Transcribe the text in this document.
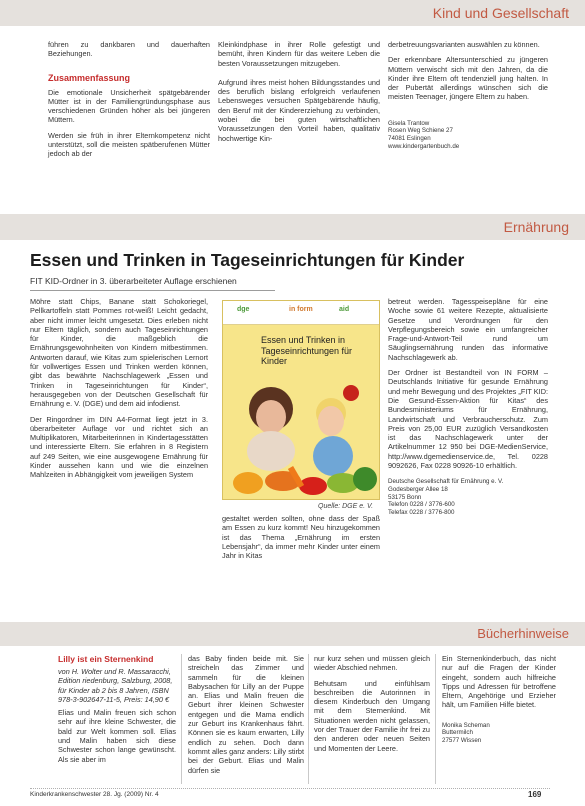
Kind und Gesellschaft

führen zu dankbaren und dauerhaften Beziehungen.

Zusammenfassung

Die emotionale Unsicherheit spätgebärender Mütter ist in der Familiengründungsphase aus verschiedenen Gründen höher als bei jüngeren Müttern.

Werden sie früh in ihrer Elternkompetenz nicht unterstützt, soll die meisten spätberufenen Mütter jedoch ab der

Kleinkindphase in ihrer Rolle gefestigt und bemüht, ihren Kindern für das weitere Leben die besten Voraussetzungen mitzugeben.

Aufgrund ihres meist hohen Bildungsstandes und des beruflich bislang erfolgreich verlaufenen Lebensweges versuchen Spätgebärende häufig, den Beruf mit der Kindererziehung zu verbinden, wobei die bei guten wirtschaftlichen Voraussetzungen den Vorteil haben, qualitativ hochwertige Kin-

derbetreuungsvarianten auswählen zu können.

Der erkennbare Altersunterschied zu jüngeren Müttern verwischt sich mit den Jahren, da die Kinder ihre Eltern oft tendenziell jung halten. In der Pubertät allerdings wünschen sich die meisten Teenager, jüngere Eltern zu haben.

Gisela Trantow
Rosen Weg Schiene 27
74081 Eslingen
www.kindergartenbuch.de
Ernährung
Essen und Trinken in Tageseinrichtungen für Kinder
FIT KID-Ordner in 3. überarbeiteter Auflage erschienen

Möhre statt Chips, Banane statt Schokoriegel, Pellkartoffeln statt Pommes rot-weiß! Leicht gedacht, aber nicht immer leicht umgesetzt. Dies erleben nicht nur Eltern täglich, sondern auch Tageseinrichtungen für Kinder, die maßgeblich die Ernährungsgewohnheiten von Kindern mitbestimmen. Antworten darauf, wie Kitas zum spielerischen Lernort für vollwertiges Essen und Trinken werden können, gibt das bewährte Nachschlagewerk „Essen und Trinken in Tageseinrichtungen für Kinder“, herausgegeben von der Deutschen Gesellschaft für Ernährung e. V. (DGE) und dem aid infodienst.

Der Ringordner im DIN A4-Format liegt jetzt in 3. überarbeiteter Auflage vor und richtet sich an Multiplikatoren, Mitarbeiterinnen in Kindertagesstätten und interessierte Eltern. Sie erfahren in 8 Registern auf 249 Seiten, wie eine ausgewogene Ernährung für Kinder aussehen kann und wie die einzelnen Mahlzeiten in Abhängigkeit vom jeweiligen System

dge	in form	aid
Essen und Trinken in Tageseinrichtungen für Kinder
Quelle: DGE e. V.

gestaltet werden sollten, ohne dass der Spaß am Essen zu kurz kommt! Neu hinzugekommen ist das Thema „Ernährung im ersten Lebensjahr“, da immer mehr Kinder unter einem Jahr in Kitas

betreut werden. Tagesspeisepläne für eine Woche sowie 61 weitere Rezepte, aktualisierte Gesetze und Verordnungen für den Verpflegungsbereich sowie ein umfangreicher Frage-und-Antwort-Teil rund um Säuglingsernährung runden das informative Nachschlagewerk ab.

Der Ordner ist Bestandteil von IN FORM – Deutschlands Initiative für gesunde Ernährung und mehr Bewegung und des Projektes „FIT KID: Die Gesund-Essen-Aktion für Kitas“ des Bundesministeriums für Ernährung, Landwirtschaft und Verbraucherschutz. Zum Preis von 25,00 EUR zuzüglich Versandkosten ist das Nachschlagewerk unter der Artikelnummer 12 950 bei DGE-MedienService, http://www.dgemedienservice.de, Tel. 0228 9092626, Fax 0228 90926-10 erhältlich.

Deutsche Gesellschaft für Ernährung e. V.
Godesberger Allee 18
53175 Bonn
Telefon 0228 / 3776-600
Telefax 0228 / 3776-800
Bücherhinweise
Lilly ist ein Sternenkind

von H. Wolter und R. Massaracchi, Edition riedenburg, Salzburg, 2008, für Kinder ab 2 bis 8 Jahren, ISBN 978-3-902647-11-5, Preis: 14,90 €

Elias und Malin freuen sich schon sehr auf ihre kleine Schwester, die bald zur Welt kommen soll. Elias und Malin haben sich diese Schwester schon lange gewünscht. Als sie aber im

das Baby finden beide mit. Sie streicheln das Zimmer und sammeln für die kleinen Babysachen für Lilly an der Puppe an. Elias und Malin freuen die Geburt ihrer kleinen Schwester entgegen und die Mama endlich zur Geburt ins Krankenhaus fährt. Können sie es kaum erwarten, Lilly endlich zu sehen. Doch dann kommt alles ganz anders: Lilly stirbt bei der Geburt. Elias und Malin dürfen sie

nur kurz sehen und müssen gleich wieder Abschied nehmen.

Behutsam und einfühlsam beschreiben die Autorinnen in diesem Kinderbuch den Umgang mit dem Sternenkind. Mit Situationen werden nicht gelassen, vor der Trauer der Familie ihr frei zu den anderen oder neuen Seiten und Momenten der Leere.

Ein Sternenkinderbuch, das nicht nur auf die Fragen der Kinder eingeht, sondern auch hilfreiche Tipps und Adressen für betroffene Eltern, Angehörige und Erzieher hält, um Familien Hilfe bietet.

Monika Scheman
Buttermilch
27577 Wissen
Kinderkrankenschwester 28. Jg. (2009) Nr. 4	169
